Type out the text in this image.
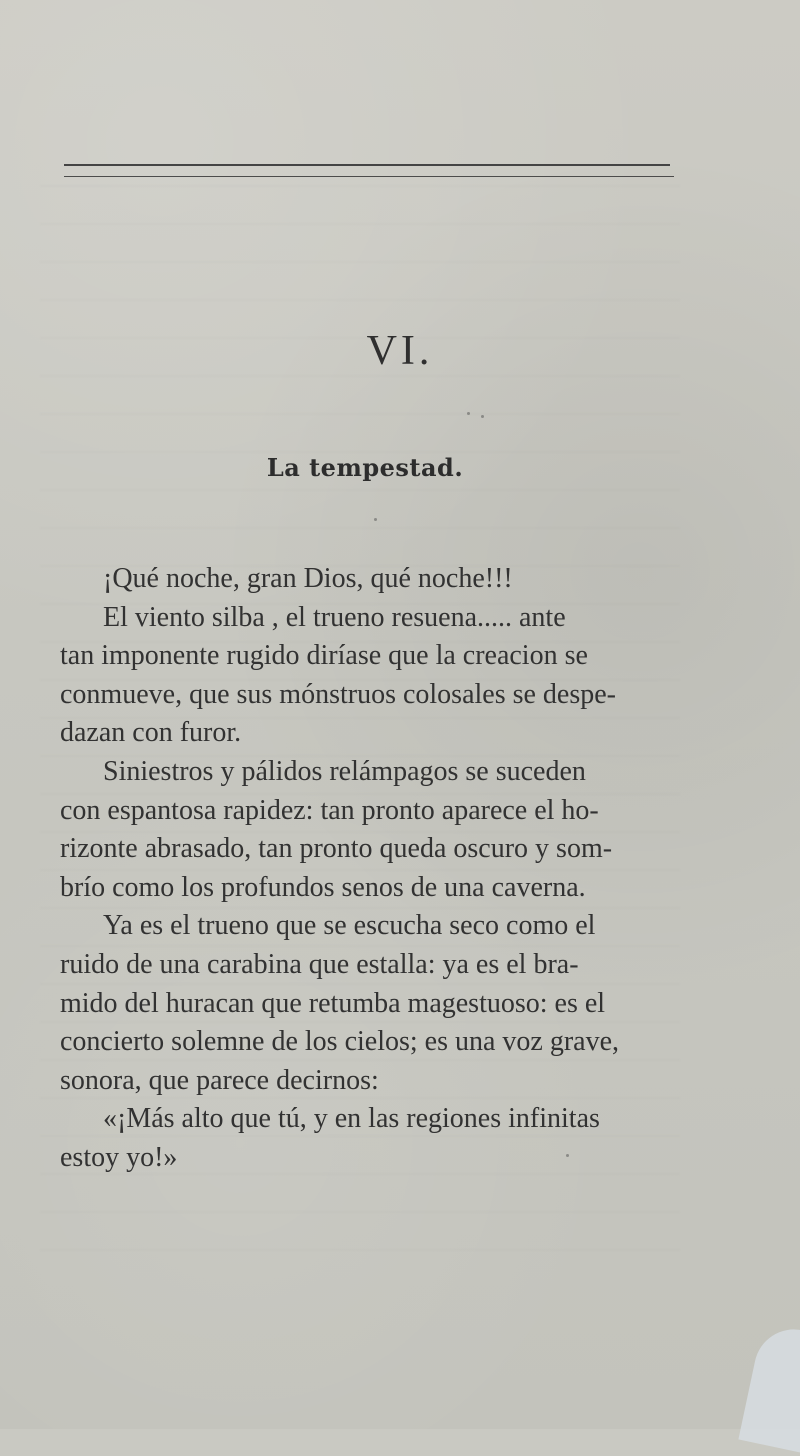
VI.
La tempestad.

¡Qué noche, gran Dios, qué noche!!!

El viento silba , el trueno resuena..... ante

tan imponente rugido diríase que la creacion se

conmueve, que sus mónstruos colosales se despe-

dazan con furor.

Siniestros y pálidos relámpagos se suceden

con espantosa rapidez: tan pronto aparece el ho-

rizonte abrasado, tan pronto queda oscuro y som-

brío como los profundos senos de una caverna.

Ya es el trueno que se escucha seco como el

ruido de una carabina que estalla: ya es el bra-

mido del huracan que retumba magestuoso: es el

concierto solemne de los cielos; es una voz grave,

sonora, que parece decirnos:

«¡Más alto que tú, y en las regiones infinitas

estoy yo!»
